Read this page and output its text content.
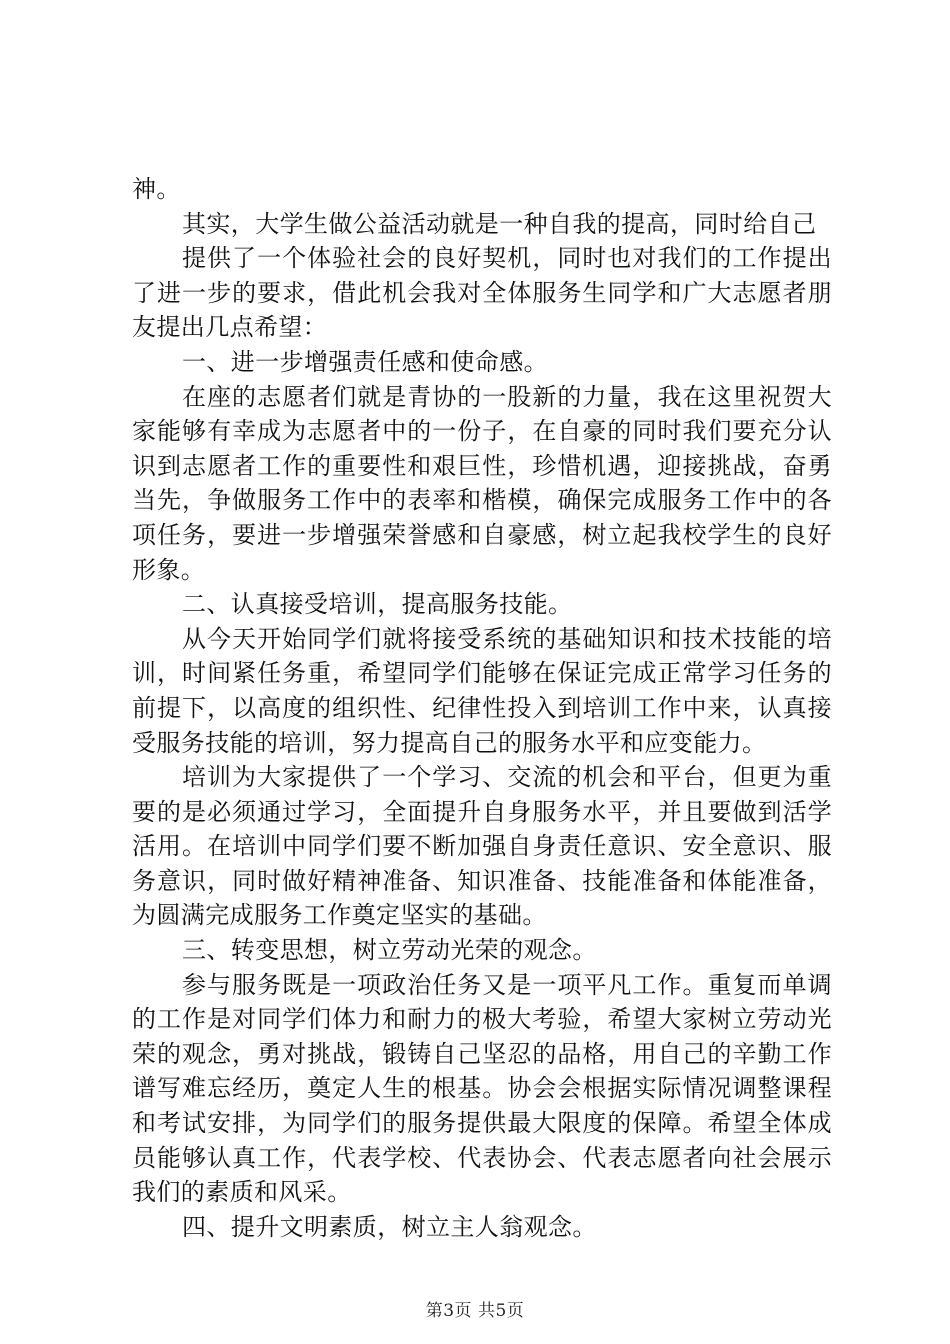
神。

其实，大学生做公益活动就是一种自我的提高，同时给自己

提供了一个体验社会的良好契机，同时也对我们的工作提出了进一步的要求，借此机会我对全体服务生同学和广大志愿者朋友提出几点希望：

一、进一步增强责任感和使命感。

在座的志愿者们就是青协的一股新的力量，我在这里祝贺大家能够有幸成为志愿者中的一份子，在自豪的同时我们要充分认识到志愿者工作的重要性和艰巨性，珍惜机遇，迎接挑战，奋勇当先，争做服务工作中的表率和楷模，确保完成服务工作中的各项任务，要进一步增强荣誉感和自豪感，树立起我校学生的良好形象。

二、认真接受培训，提高服务技能。

从今天开始同学们就将接受系统的基础知识和技术技能的培训，时间紧任务重，希望同学们能够在保证完成正常学习任务的前提下，以高度的组织性、纪律性投入到培训工作中来，认真接受服务技能的培训，努力提高自己的服务水平和应变能力。

培训为大家提供了一个学习、交流的机会和平台，但更为重要的是必须通过学习，全面提升自身服务水平，并且要做到活学活用。在培训中同学们要不断加强自身责任意识、安全意识、服务意识，同时做好精神准备、知识准备、技能准备和体能准备，为圆满完成服务工作奠定坚实的基础。

三、转变思想，树立劳动光荣的观念。

参与服务既是一项政治任务又是一项平凡工作。重复而单调的工作是对同学们体力和耐力的极大考验，希望大家树立劳动光荣的观念，勇对挑战，锻铸自己坚忍的品格，用自己的辛勤工作谱写难忘经历，奠定人生的根基。协会会根据实际情况调整课程和考试安排，为同学们的服务提供最大限度的保障。希望全体成员能够认真工作，代表学校、代表协会、代表志愿者向社会展示我们的素质和风采。

四、提升文明素质，树立主人翁观念。

第3页 共5页
